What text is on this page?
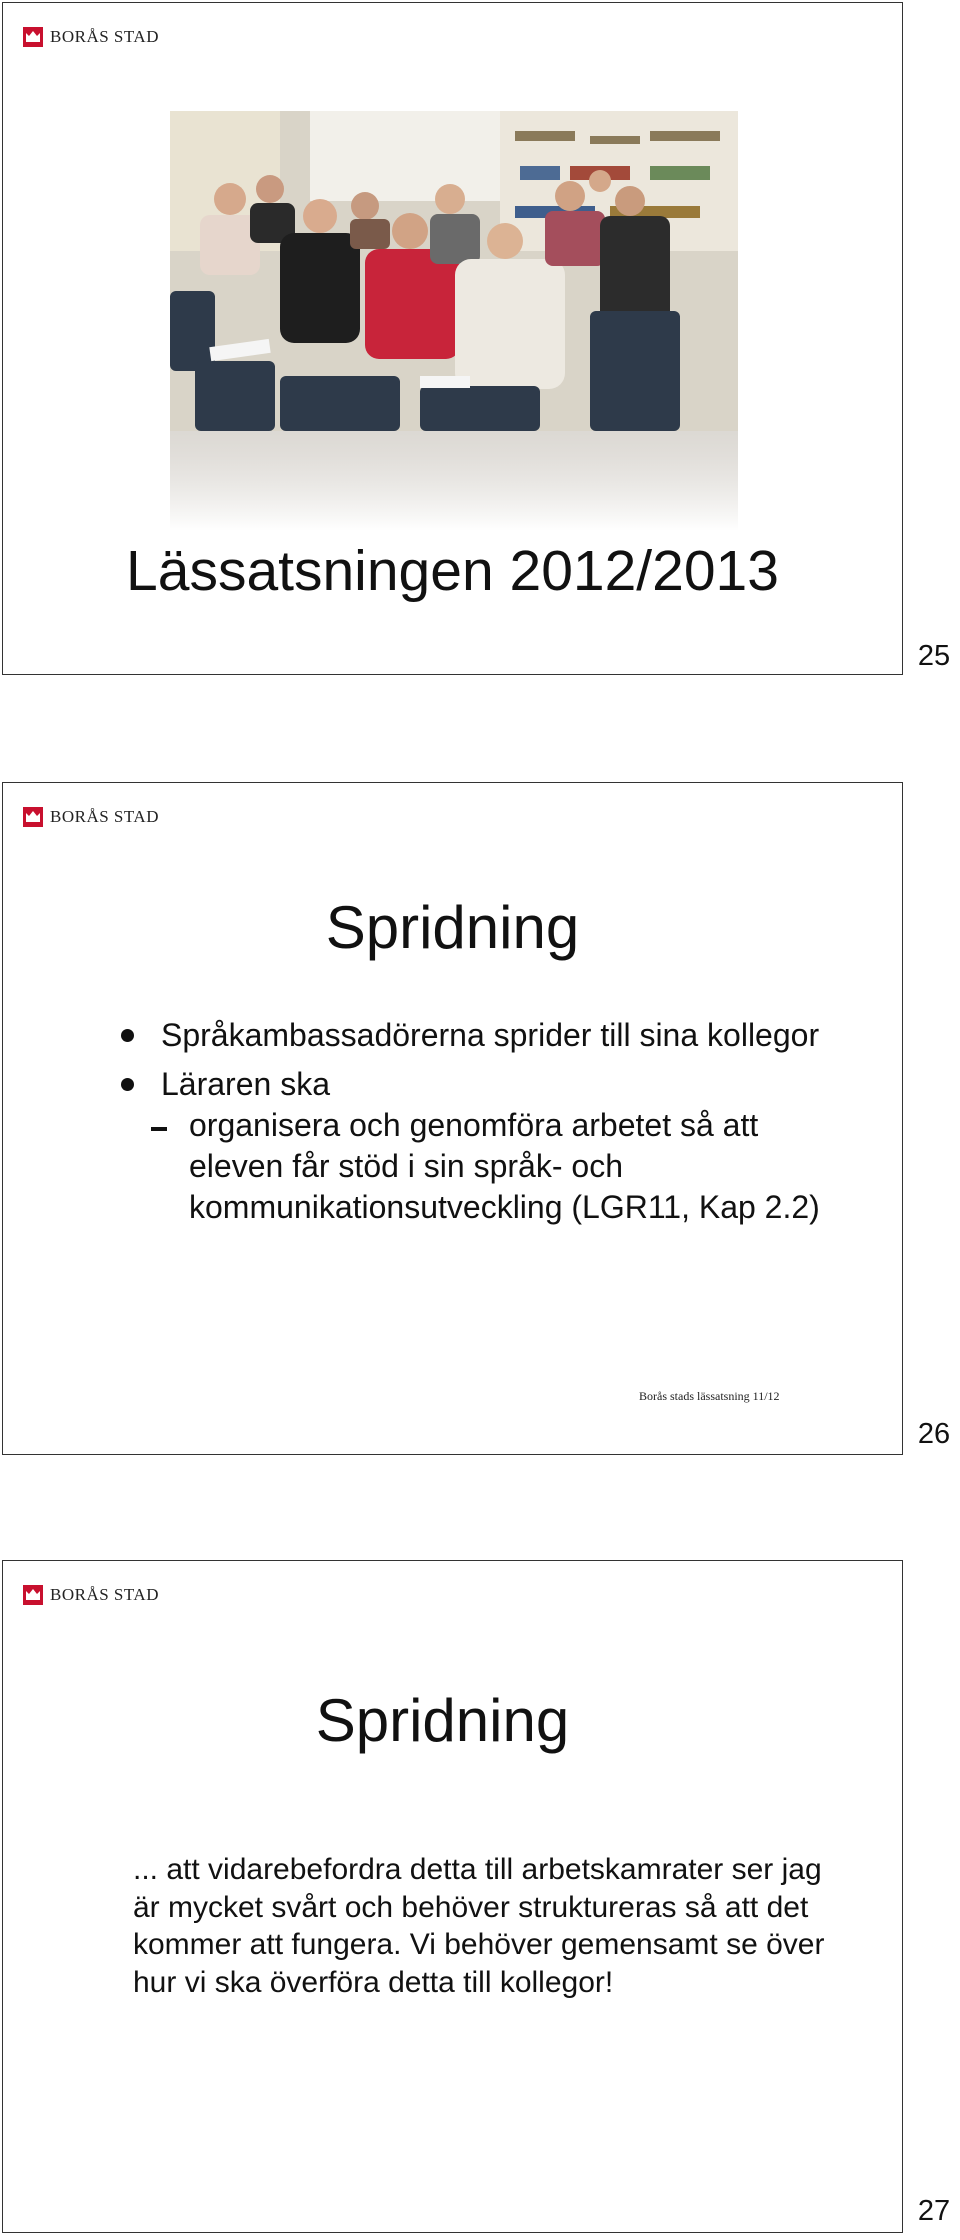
BORÅS STAD
Lässatsningen 2012/2013
25
BORÅS STAD
Spridning
Språkambassadörerna sprider till sina kollegor
Läraren ska
organisera och genomföra arbetet så att eleven får stöd i sin språk- och kommunikationsutveckling (LGR11, Kap 2.2)
Borås stads lässatsning 11/12
26
BORÅS STAD
Spridning
... att vidarebefordra detta till arbetskamrater ser jag är mycket svårt och behöver struktureras så att det kommer att fungera. Vi behöver gemensamt se över hur vi ska överföra detta till kollegor!
27
